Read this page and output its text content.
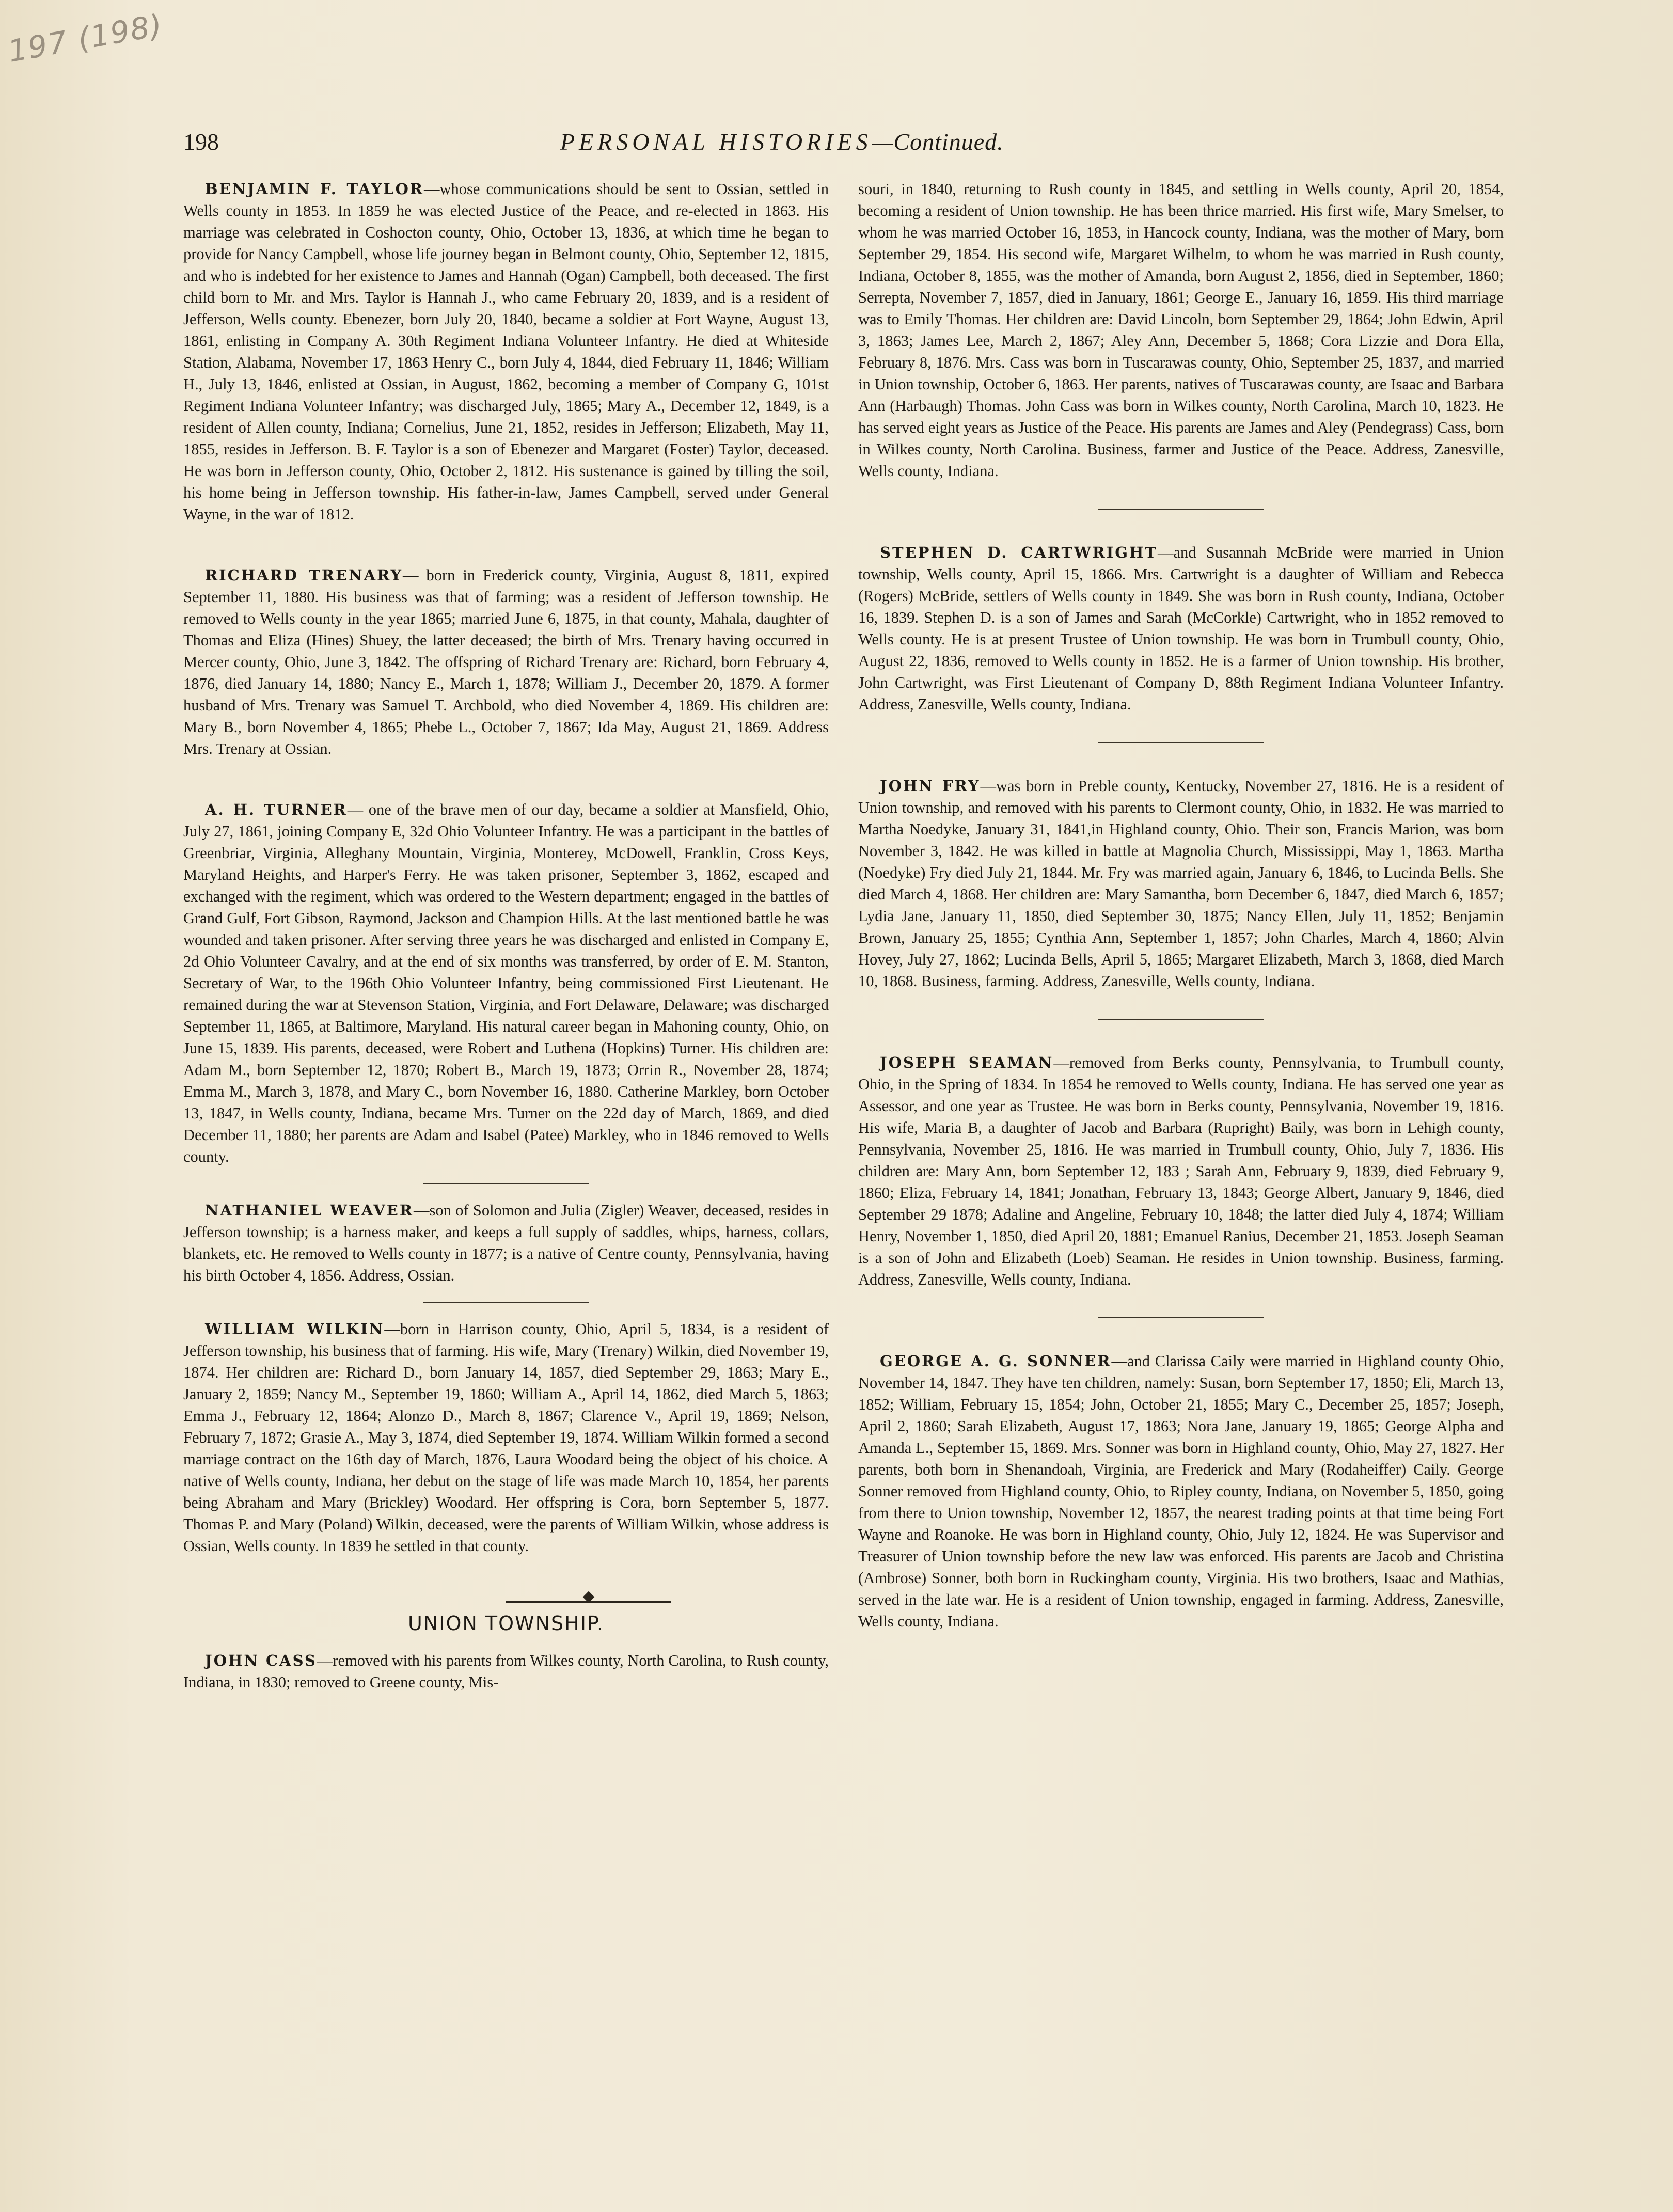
197 (198)
198	PERSONAL HISTORIES—Continued.

BENJAMIN F. TAYLOR—whose communications should be sent to Ossian, settled in Wells county in 1853. In 1859 he was elected Justice of the Peace, and re-elected in 1863. His marriage was celebrated in Coshocton county, Ohio, October 13, 1836, at which time he began to provide for Nancy Campbell, whose life journey began in Belmont county, Ohio, September 12, 1815, and who is indebted for her existence to James and Hannah (Ogan) Campbell, both deceased. The first child born to Mr. and Mrs. Taylor is Hannah J., who came February 20, 1839, and is a resident of Jefferson, Wells county. Ebenezer, born July 20, 1840, became a soldier at Fort Wayne, August 13, 1861, enlisting in Company A. 30th Regiment Indiana Volunteer Infantry. He died at Whiteside Station, Alabama, November 17, 1863 Henry C., born July 4, 1844, died February 11, 1846; William H., July 13, 1846, enlisted at Ossian, in August, 1862, becoming a member of Company G, 101st Regiment Indiana Volunteer Infantry; was discharged July, 1865; Mary A., December 12, 1849, is a resident of Allen county, Indiana; Cornelius, June 21, 1852, resides in Jefferson; Elizabeth, May 11, 1855, resides in Jefferson. B. F. Taylor is a son of Ebenezer and Margaret (Foster) Taylor, deceased. He was born in Jefferson county, Ohio, October 2, 1812. His sustenance is gained by tilling the soil, his home being in Jefferson township. His father-in-law, James Campbell, served under General Wayne, in the war of 1812.

RICHARD TRENARY— born in Frederick county, Virginia, August 8, 1811, expired September 11, 1880. His business was that of farming; was a resident of Jefferson township. He removed to Wells county in the year 1865; married June 6, 1875, in that county, Mahala, daughter of Thomas and Eliza (Hines) Shuey, the latter deceased; the birth of Mrs. Trenary having occurred in Mercer county, Ohio, June 3, 1842. The offspring of Richard Trenary are: Richard, born February 4, 1876, died January 14, 1880; Nancy E., March 1, 1878; William J., December 20, 1879. A former husband of Mrs. Trenary was Samuel T. Archbold, who died November 4, 1869. His children are: Mary B., born November 4, 1865; Phebe L., October 7, 1867; Ida May, August 21, 1869. Address Mrs. Trenary at Ossian.

A. H. TURNER— one of the brave men of our day, became a soldier at Mansfield, Ohio, July 27, 1861, joining Company E, 32d Ohio Volunteer Infantry. He was a participant in the battles of Greenbriar, Virginia, Alleghany Mountain, Virginia, Monterey, McDowell, Franklin, Cross Keys, Maryland Heights, and Harper's Ferry. He was taken prisoner, September 3, 1862, escaped and exchanged with the regiment, which was ordered to the Western department; engaged in the battles of Grand Gulf, Fort Gibson, Raymond, Jackson and Champion Hills. At the last mentioned battle he was wounded and taken prisoner. After serving three years he was discharged and enlisted in Company E, 2d Ohio Volunteer Cavalry, and at the end of six months was transferred, by order of E. M. Stanton, Secretary of War, to the 196th Ohio Volunteer Infantry, being commissioned First Lieutenant. He remained during the war at Stevenson Station, Virginia, and Fort Delaware, Delaware; was discharged September 11, 1865, at Baltimore, Maryland. His natural career began in Mahoning county, Ohio, on June 15, 1839. His parents, deceased, were Robert and Luthena (Hopkins) Turner. His children are: Adam M., born September 12, 1870; Robert B., March 19, 1873; Orrin R., November 28, 1874; Emma M., March 3, 1878, and Mary C., born November 16, 1880. Catherine Markley, born October 13, 1847, in Wells county, Indiana, became Mrs. Turner on the 22d day of March, 1869, and died December 11, 1880; her parents are Adam and Isabel (Patee) Markley, who in 1846 removed to Wells county.

NATHANIEL WEAVER—son of Solomon and Julia (Zigler) Weaver, deceased, resides in Jefferson township; is a harness maker, and keeps a full supply of saddles, whips, harness, collars, blankets, etc. He removed to Wells county in 1877; is a native of Centre county, Pennsylvania, having his birth October 4, 1856. Address, Ossian.

WILLIAM WILKIN—born in Harrison county, Ohio, April 5, 1834, is a resident of Jefferson township, his business that of farming. His wife, Mary (Trenary) Wilkin, died November 19, 1874. Her children are: Richard D., born January 14, 1857, died September 29, 1863; Mary E., January 2, 1859; Nancy M., September 19, 1860; William A., April 14, 1862, died March 5, 1863; Emma J., February 12, 1864; Alonzo D., March 8, 1867; Clarence V., April 19, 1869; Nelson, February 7, 1872; Grasie A., May 3, 1874, died September 19, 1874. William Wilkin formed a second marriage contract on the 16th day of March, 1876, Laura Woodard being the object of his choice. A native of Wells county, Indiana, her debut on the stage of life was made March 10, 1854, her parents being Abraham and Mary (Brickley) Woodard. Her offspring is Cora, born September 5, 1877. Thomas P. and Mary (Poland) Wilkin, deceased, were the parents of William Wilkin, whose address is Ossian, Wells county. In 1839 he settled in that county.

UNION TOWNSHIP.

JOHN CASS—removed with his parents from Wilkes county, North Carolina, to Rush county, Indiana, in 1830; removed to Greene county, Mis-

souri, in 1840, returning to Rush county in 1845, and settling in Wells county, April 20, 1854, becoming a resident of Union township. He has been thrice married. His first wife, Mary Smelser, to whom he was married October 16, 1853, in Hancock county, Indiana, was the mother of Mary, born September 29, 1854. His second wife, Margaret Wilhelm, to whom he was married in Rush county, Indiana, October 8, 1855, was the mother of Amanda, born August 2, 1856, died in September, 1860; Serrepta, November 7, 1857, died in January, 1861; George E., January 16, 1859. His third marriage was to Emily Thomas. Her children are: David Lincoln, born September 29, 1864; John Edwin, April 3, 1863; James Lee, March 2, 1867; Aley Ann, December 5, 1868; Cora Lizzie and Dora Ella, February 8, 1876. Mrs. Cass was born in Tuscarawas county, Ohio, September 25, 1837, and married in Union township, October 6, 1863. Her parents, natives of Tuscarawas county, are Isaac and Barbara Ann (Harbaugh) Thomas. John Cass was born in Wilkes county, North Carolina, March 10, 1823. He has served eight years as Justice of the Peace. His parents are James and Aley (Pendegrass) Cass, born in Wilkes county, North Carolina. Business, farmer and Justice of the Peace. Address, Zanesville, Wells county, Indiana.

STEPHEN D. CARTWRIGHT—and Susannah McBride were married in Union township, Wells county, April 15, 1866. Mrs. Cartwright is a daughter of William and Rebecca (Rogers) McBride, settlers of Wells county in 1849. She was born in Rush county, Indiana, October 16, 1839. Stephen D. is a son of James and Sarah (McCorkle) Cartwright, who in 1852 removed to Wells county. He is at present Trustee of Union township. He was born in Trumbull county, Ohio, August 22, 1836, removed to Wells county in 1852. He is a farmer of Union township. His brother, John Cartwright, was First Lieutenant of Company D, 88th Regiment Indiana Volunteer Infantry. Address, Zanesville, Wells county, Indiana.

JOHN FRY—was born in Preble county, Kentucky, November 27, 1816. He is a resident of Union township, and removed with his parents to Clermont county, Ohio, in 1832. He was married to Martha Noedyke, January 31, 1841,in Highland county, Ohio. Their son, Francis Marion, was born November 3, 1842. He was killed in battle at Magnolia Church, Mississippi, May 1, 1863. Martha (Noedyke) Fry died July 21, 1844. Mr. Fry was married again, January 6, 1846, to Lucinda Bells. She died March 4, 1868. Her children are: Mary Samantha, born December 6, 1847, died March 6, 1857; Lydia Jane, January 11, 1850, died September 30, 1875; Nancy Ellen, July 11, 1852; Benjamin Brown, January 25, 1855; Cynthia Ann, September 1, 1857; John Charles, March 4, 1860; Alvin Hovey, July 27, 1862; Lucinda Bells, April 5, 1865; Margaret Elizabeth, March 3, 1868, died March 10, 1868. Business, farming. Address, Zanesville, Wells county, Indiana.

JOSEPH SEAMAN—removed from Berks county, Pennsylvania, to Trumbull county, Ohio, in the Spring of 1834. In 1854 he removed to Wells county, Indiana. He has served one year as Assessor, and one year as Trustee. He was born in Berks county, Pennsylvania, November 19, 1816. His wife, Maria B, a daughter of Jacob and Barbara (Rupright) Baily, was born in Lehigh county, Pennsylvania, November 25, 1816. He was married in Trumbull county, Ohio, July 7, 1836. His children are: Mary Ann, born September 12, 183 ; Sarah Ann, February 9, 1839, died February 9, 1860; Eliza, February 14, 1841; Jonathan, February 13, 1843; George Albert, January 9, 1846, died September 29 1878; Adaline and Angeline, February 10, 1848; the latter died July 4, 1874; William Henry, November 1, 1850, died April 20, 1881; Emanuel Ranius, December 21, 1853. Joseph Seaman is a son of John and Elizabeth (Loeb) Seaman. He resides in Union township. Business, farming. Address, Zanesville, Wells county, Indiana.

GEORGE A. G. SONNER—and Clarissa Caily were married in Highland county Ohio, November 14, 1847. They have ten children, namely: Susan, born September 17, 1850; Eli, March 13, 1852; William, February 15, 1854; John, October 21, 1855; Mary C., December 25, 1857; Joseph, April 2, 1860; Sarah Elizabeth, August 17, 1863; Nora Jane, January 19, 1865; George Alpha and Amanda L., September 15, 1869. Mrs. Sonner was born in Highland county, Ohio, May 27, 1827. Her parents, both born in Shenandoah, Virginia, are Frederick and Mary (Rodaheiffer) Caily. George Sonner removed from Highland county, Ohio, to Ripley county, Indiana, on November 5, 1850, going from there to Union township, November 12, 1857, the nearest trading points at that time being Fort Wayne and Roanoke. He was born in Highland county, Ohio, July 12, 1824. He was Supervisor and Treasurer of Union township before the new law was enforced. His parents are Jacob and Christina (Ambrose) Sonner, both born in Ruckingham county, Virginia. His two brothers, Isaac and Mathias, served in the late war. He is a resident of Union township, engaged in farming. Address, Zanesville, Wells county, Indiana.
